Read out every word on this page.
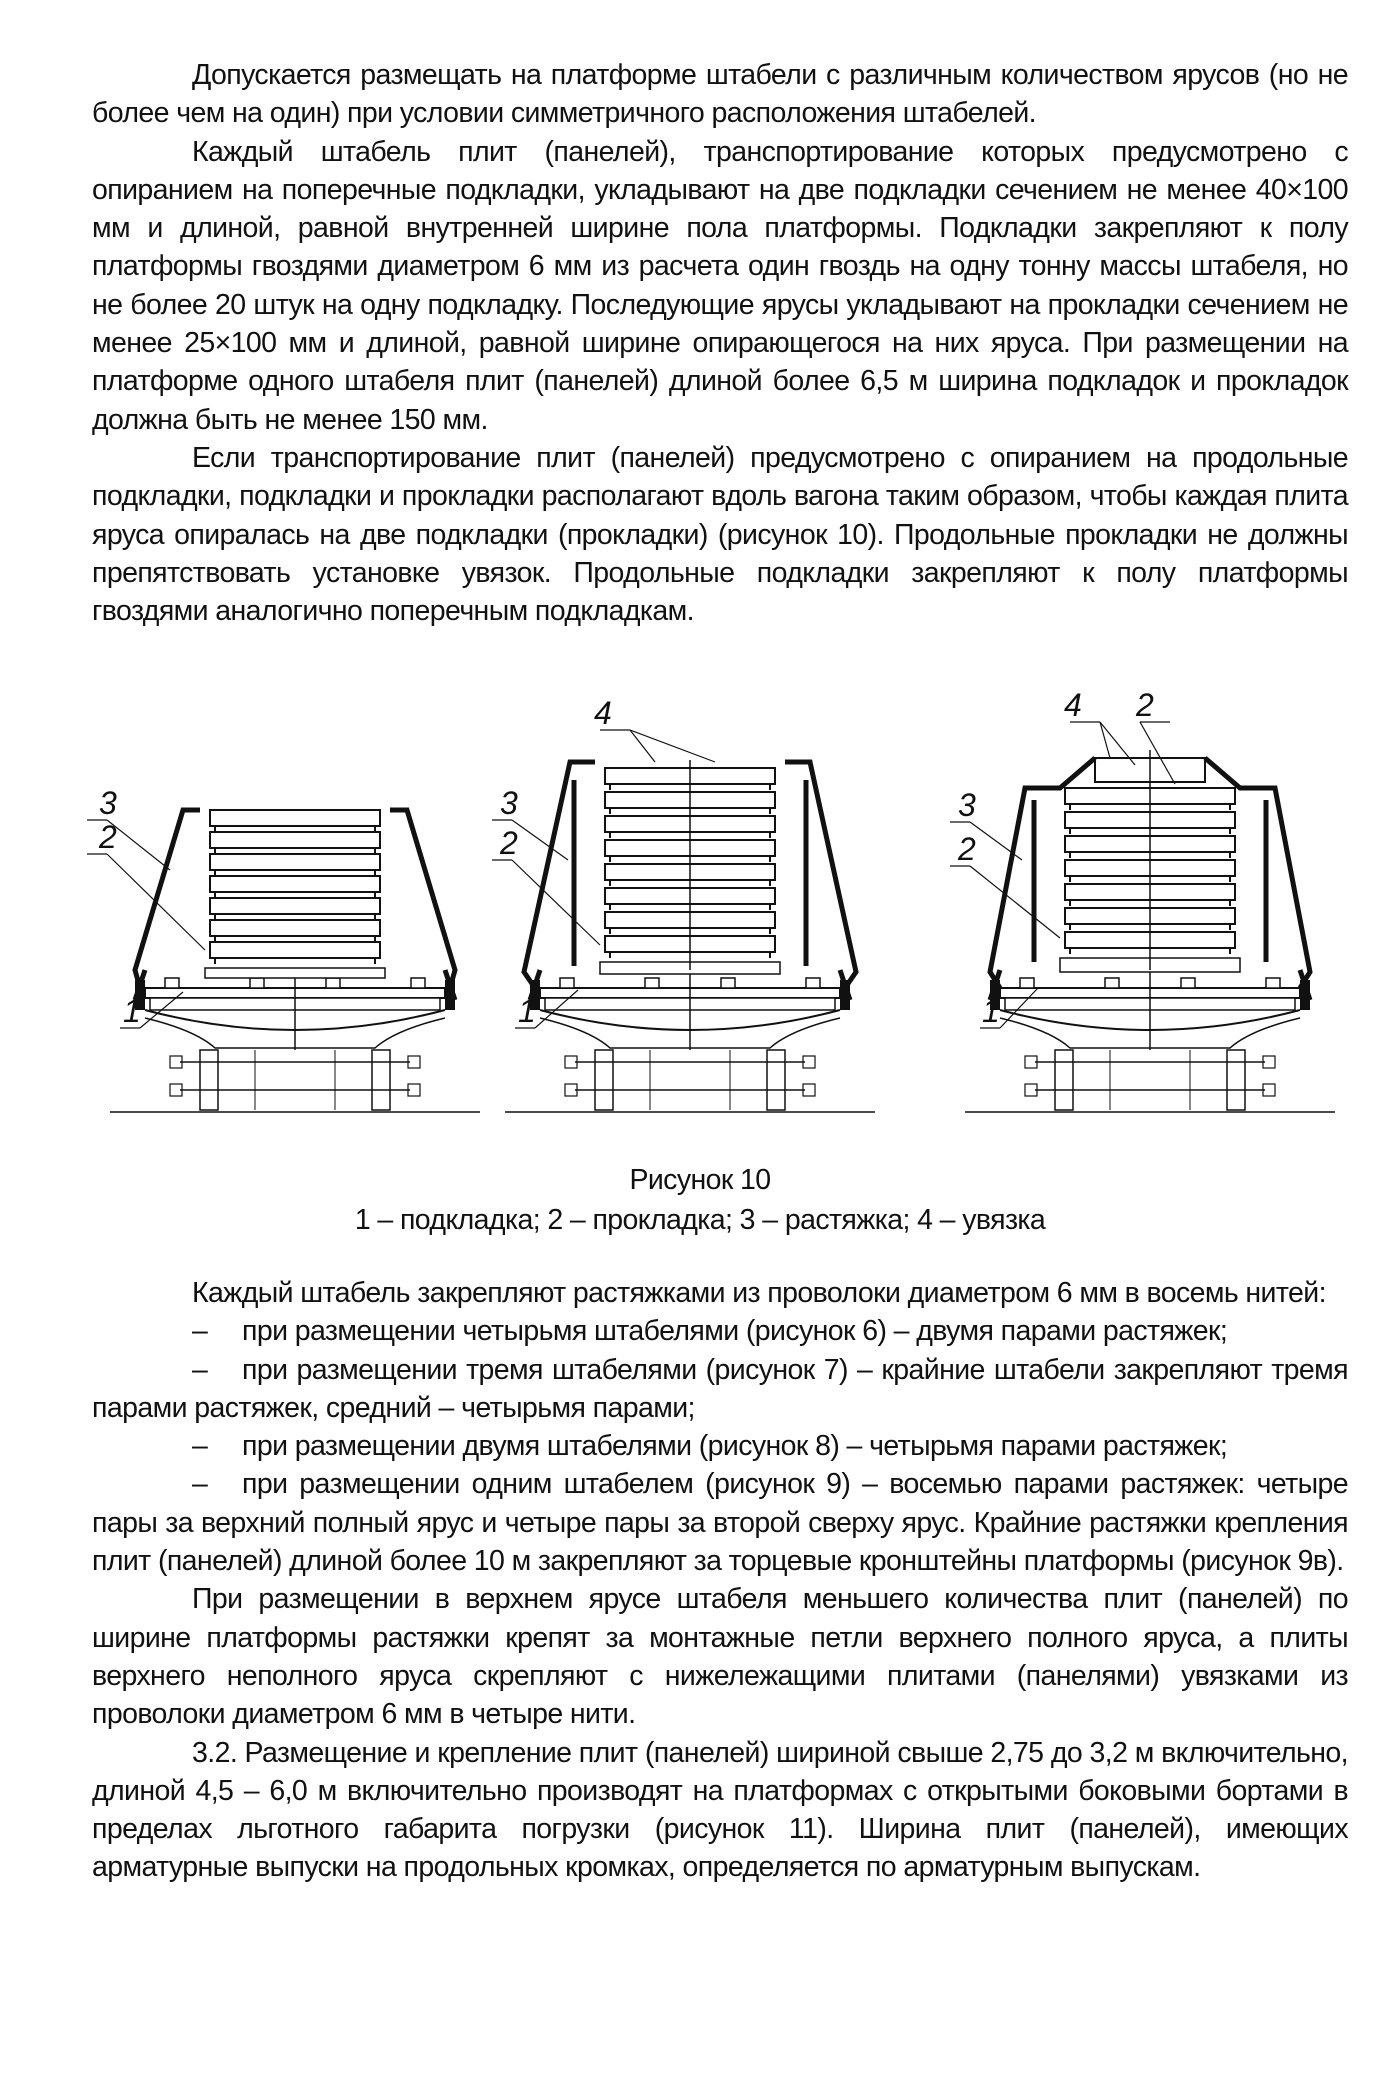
Допускается размещать на платформе штабели с различным количеством ярусов (но не более чем на один) при условии симметричного расположения штабелей.

Каждый штабель плит (панелей), транспортирование которых предусмотрено с опиранием на поперечные подкладки, укладывают на две подкладки сечением не менее 40×100 мм и длиной, равной внутренней ширине пола платформы. Подкладки закрепляют к полу платформы гвоздями диаметром 6 мм из расчета один гвоздь на одну тонну массы штабеля, но не более 20 штук на одну подкладку. Последующие ярусы укладывают на прокладки сечением не менее 25×100 мм и длиной, равной ширине опирающегося на них яруса. При размещении на платформе одного штабеля плит (панелей) длиной более 6,5 м ширина подкладок и прокладок должна быть не менее 150 мм.

Если транспортирование плит (панелей) предусмотрено с опиранием на продольные подкладки, подкладки и прокладки располагают вдоль вагона таким образом, чтобы каждая плита яруса опиралась на две подкладки (прокладки) (рисунок 10). Продольные прокладки не должны препятствовать установке увязок. Продольные подкладки закрепляют к полу платформы гвоздями аналогично поперечным подкладкам.

3
2
1
4
3
2
1
4 2
3
2
1
Рисунок 10
1 – подкладка; 2 – прокладка; 3 – растяжка; 4 – увязка

Каждый штабель закрепляют растяжками из проволоки диаметром 6 мм в восемь нитей:

– при размещении четырьмя штабелями (рисунок 6) – двумя парами растяжек;

– при размещении тремя штабелями (рисунок 7) – крайние штабели закрепляют тремя парами растяжек, средний – четырьмя парами;

– при размещении двумя штабелями (рисунок 8) – четырьмя парами растяжек;

– при размещении одним штабелем (рисунок 9) – восемью парами растяжек: четыре пары за верхний полный ярус и четыре пары за второй сверху ярус. Крайние растяжки крепления плит (панелей) длиной более 10 м закрепляют за торцевые кронштейны платформы (рисунок 9в).

При размещении в верхнем ярусе штабеля меньшего количества плит (панелей) по ширине платформы растяжки крепят за монтажные петли верхнего полного яруса, а плиты верхнего неполного яруса скрепляют с нижележащими плитами (панелями) увязками из проволоки диаметром 6 мм в четыре нити.

3.2. Размещение и крепление плит (панелей) шириной свыше 2,75 до 3,2 м включительно, длиной 4,5 – 6,0 м включительно производят на платформах с открытыми боковыми бортами в пределах льготного габарита погрузки (рисунок 11). Ширина плит (панелей), имеющих арматурные выпуски на продольных кромках, определяется по арматурным выпускам.
